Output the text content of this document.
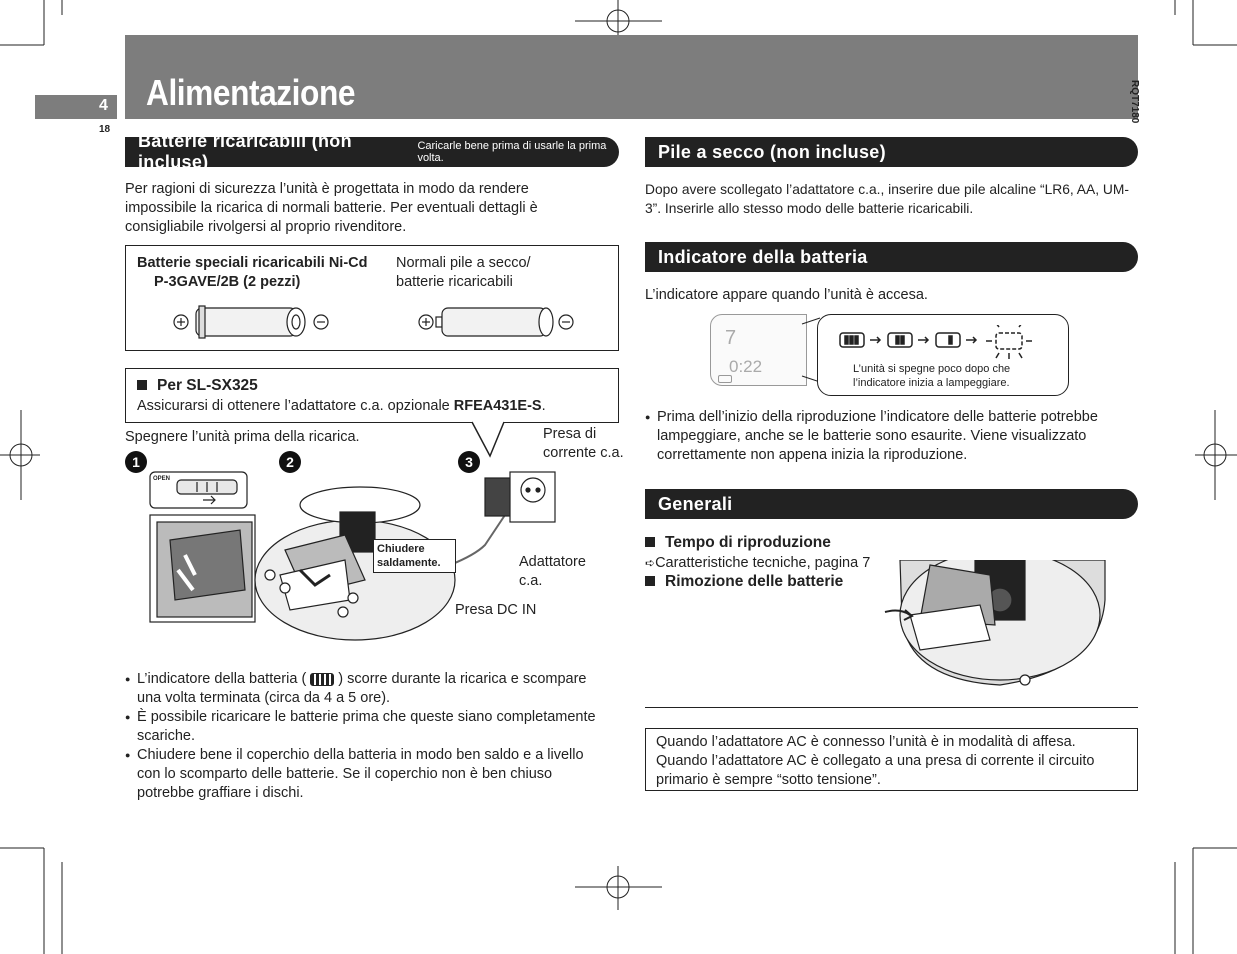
Alimentazione
4
18
RQT7180
Batterie ricaricabili (non incluse)
Caricarle bene prima di usarle la prima volta.
Per ragioni di sicurezza l’unità è progettata in modo da rendere impossibile la ricarica di normali batterie. Per eventuali dettagli è consigliabile rivolgersi al proprio rivenditore.
Batterie speciali ricaricabili Ni-Cd
P-3GAVE/2B (2 pezzi)
Normali pile a secco/
batterie ricaricabili
Per SL-SX325
Assicurarsi di ottenere l’adattatore c.a. opzionale RFEA431E-S.
Spegnere l’unità prima della ricarica.
1	2	3
Presa di
corrente c.a.
OPEN
Chiudere
saldamente.	Adattatore
c.a.
Presa DC IN
● L’indicatore della batteria ( ) scorre durante la ricarica e scompare una volta terminata (circa da 4 a 5 ore).
● È possibile ricaricare le batterie prima che queste siano completamente scariche.
● Chiudere bene il coperchio della batteria in modo ben saldo e a livello con lo scomparto delle batterie. Se il coperchio non è ben chiuso potrebbe graffiare i dischi.
Pile a secco (non incluse)
Dopo avere scollegato l’adattatore c.a., inserire due pile alcaline “LR6, AA, UM-3”. Inserirle allo stesso modo delle batterie ricaricabili.
Indicatore della batteria
L’indicatore appare quando l’unità è accesa.
7
0:22	L’unità si spegne poco dopo che
l’indicatore inizia a lampeggiare.
● Prima dell’inizio della riproduzione l’indicatore delle batterie potrebbe lampeggiare, anche se le batterie sono esaurite. Viene visualizzato correttamente non appena inizia la riproduzione.
Generali
Tempo di riproduzione
➪Caratteristiche tecniche, pagina 7
Rimozione delle batterie
Quando l’adattatore AC è connesso l’unità è in modalità di affesa.
Quando l’adattatore AC è collegato a una presa di corrente il circuito primario è sempre “sotto tensione”.
